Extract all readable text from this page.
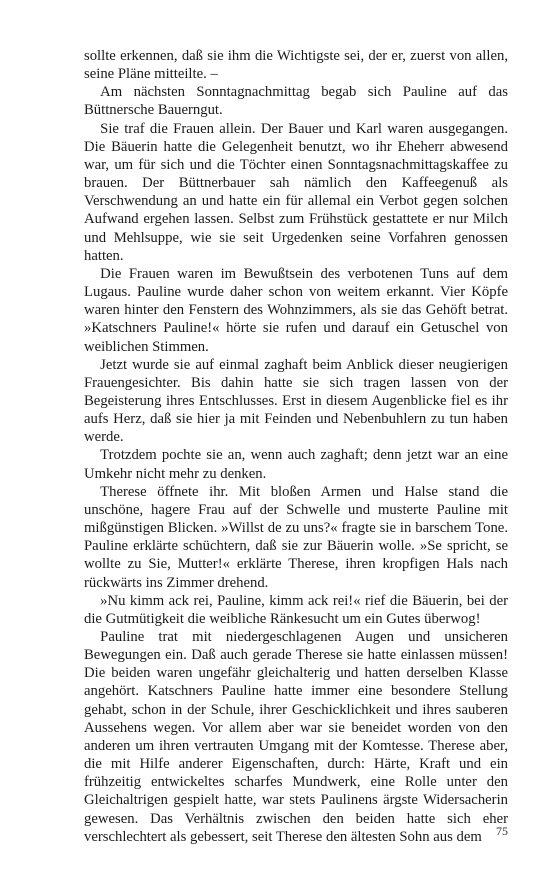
sollte erkennen, daß sie ihm die Wichtigste sei, der er, zuerst von allen, seine Pläne mitteilte. –

Am nächsten Sonntagnachmittag begab sich Pauline auf das Büttnersche Bauerngut.

Sie traf die Frauen allein. Der Bauer und Karl waren ausgegangen. Die Bäuerin hatte die Gelegenheit benutzt, wo ihr Eheherr abwesend war, um für sich und die Töchter einen Sonntagsnachmittagskaffee zu brauen. Der Büttnerbauer sah nämlich den Kaffeegenuß als Verschwendung an und hatte ein für allemal ein Verbot gegen solchen Aufwand ergehen lassen. Selbst zum Frühstück gestattete er nur Milch und Mehlsuppe, wie sie seit Urgedenken seine Vorfahren genossen hatten.

Die Frauen waren im Bewußtsein des verbotenen Tuns auf dem Lugaus. Pauline wurde daher schon von weitem erkannt. Vier Köpfe waren hinter den Fenstern des Wohnzimmers, als sie das Gehöft betrat. »Katschners Pauline!« hörte sie rufen und darauf ein Getuschel von weiblichen Stimmen.

Jetzt wurde sie auf einmal zaghaft beim Anblick dieser neugierigen Frauengesichter. Bis dahin hatte sie sich tragen lassen von der Begeisterung ihres Entschlusses. Erst in diesem Augenblicke fiel es ihr aufs Herz, daß sie hier ja mit Feinden und Nebenbuhlern zu tun haben werde.

Trotzdem pochte sie an, wenn auch zaghaft; denn jetzt war an eine Umkehr nicht mehr zu denken.

Therese öffnete ihr. Mit bloßen Armen und Halse stand die unschöne, hagere Frau auf der Schwelle und musterte Pauline mit mißgünstigen Blicken. »Willst de zu uns?« fragte sie in barschem Tone. Pauline erklärte schüchtern, daß sie zur Bäuerin wolle. »Se spricht, se wollte zu Sie, Mutter!« erklärte Therese, ihren kropfigen Hals nach rückwärts ins Zimmer drehend.

»Nu kimm ack rei, Pauline, kimm ack rei!« rief die Bäuerin, bei der die Gutmütigkeit die weibliche Ränkesucht um ein Gutes überwog!

Pauline trat mit niedergeschlagenen Augen und unsicheren Bewegungen ein. Daß auch gerade Therese sie hatte einlassen müssen! Die beiden waren ungefähr gleichalterig und hatten derselben Klasse angehört. Katschners Pauline hatte immer eine besondere Stellung gehabt, schon in der Schule, ihrer Geschicklichkeit und ihres sauberen Aussehens wegen. Vor allem aber war sie beneidet worden von den anderen um ihren vertrauten Umgang mit der Komtesse. Therese aber, die mit Hilfe anderer Eigenschaften, durch: Härte, Kraft und ein frühzeitig entwickeltes scharfes Mundwerk, eine Rolle unter den Gleichaltrigen gespielt hatte, war stets Paulinens ärgste Widersacherin gewesen. Das Verhältnis zwischen den beiden hatte sich eher verschlechtert als gebessert, seit Therese den ältesten Sohn aus dem	75
